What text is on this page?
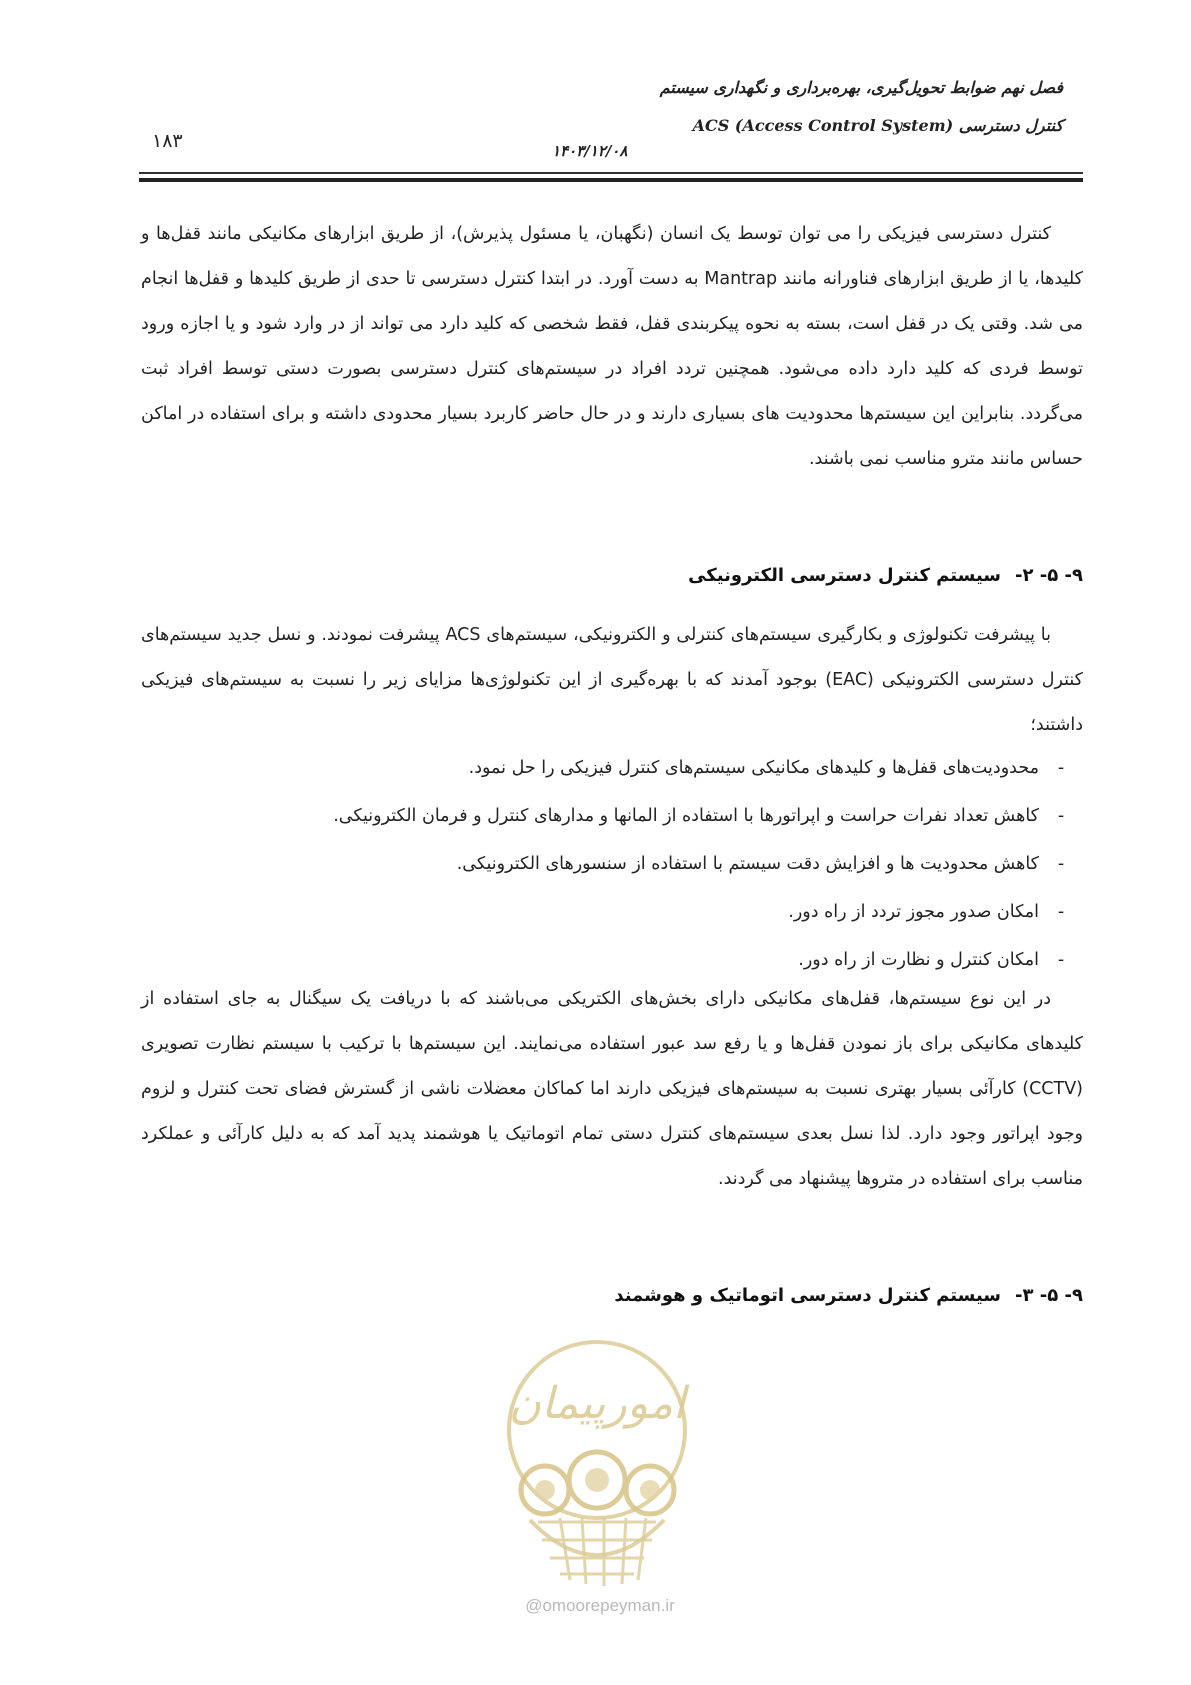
فصل نهم ضوابط تحویل‌گیری، بهره‌برداری و نگهداری سیستم
کنترل دسترسی (ACS (Access Control System
۱۸۳	۱۴۰۳/۱۲/۰۸

کنترل دسترسی فیزیکی را می توان توسط یک انسان (نگهبان، یا مسئول پذیرش)، از طریق ابزارهای مکانیکی مانند قفل‌ها و کلیدها، یا از طریق ابزارهای فناورانه مانند Mantrap به دست آورد. در ابتدا کنترل دسترسی تا حدی از طریق کلیدها و قفل‌ها انجام می شد. وقتی یک در قفل است، بسته به نحوه پیکربندی قفل، فقط شخصی که کلید دارد می تواند از در وارد شود و یا اجازه ورود توسط فردی که کلید دارد داده می‌شود. همچنین تردد افراد در سیستم‌های کنترل دسترسی بصورت دستی توسط افراد ثبت می‌گردد. بنابراین این سیستم‌ها محدودیت های بسیاری دارند و در حال حاضر کاربرد بسیار محدودی داشته و برای استفاده در اماکن حساس مانند مترو مناسب نمی باشند.

۹- ۵- ۲-سیستم کنترل دسترسی الکترونیکی

با پیشرفت تکنولوژی و بکارگیری سیستم‌های کنترلی و الکترونیکی، سیستم‌های ACS پیشرفت نمودند. و نسل جدید سیستم‌های کنترل دسترسی الکترونیکی (EAC) بوجود آمدند که با بهره‌گیری از این تکنولوژی‌ها مزایای زیر را نسبت به سیستم‌های فیزیکی داشتند؛

-محدودیت‌های قفل‌ها و کلیدهای مکانیکی سیستم‌های کنترل فیزیکی را حل نمود.
-کاهش تعداد نفرات حراست و اپراتورها با استفاده از المانها و مدارهای کنترل و فرمان الکترونیکی.
-کاهش محدودیت ها و افزایش دقت سیستم با استفاده از سنسورهای الکترونیکی.
-امکان صدور مجوز تردد از راه دور.
-امکان کنترل و نظارت از راه دور.

در این نوع سیستم‌ها، قفل‌های مکانیکی دارای بخش‌های الکتریکی می‌باشند که با دریافت یک سیگنال به جای استفاده از کلیدهای مکانیکی برای باز نمودن قفل‌ها و یا رفع سد عبور استفاده می‌نمایند. این سیستم‌ها با ترکیب با سیستم نظارت تصویری (CCTV) کارآئی بسیار بهتری نسبت به سیستم‌های فیزیکی دارند اما کماکان معضلات ناشی از گسترش فضای تحت کنترل و لزوم وجود اپراتور وجود دارد. لذا نسل بعدی سیستم‌های کنترل دستی تمام اتوماتیک یا هوشمند پدید آمد که به دلیل کارآئی و عملکرد مناسب برای استفاده در متروها پیشنهاد می گردند.

۹- ۵- ۳-سیستم کنترل دسترسی اتوماتیک و هوشمند
امورپیمان
@omoorepeyman.ir
